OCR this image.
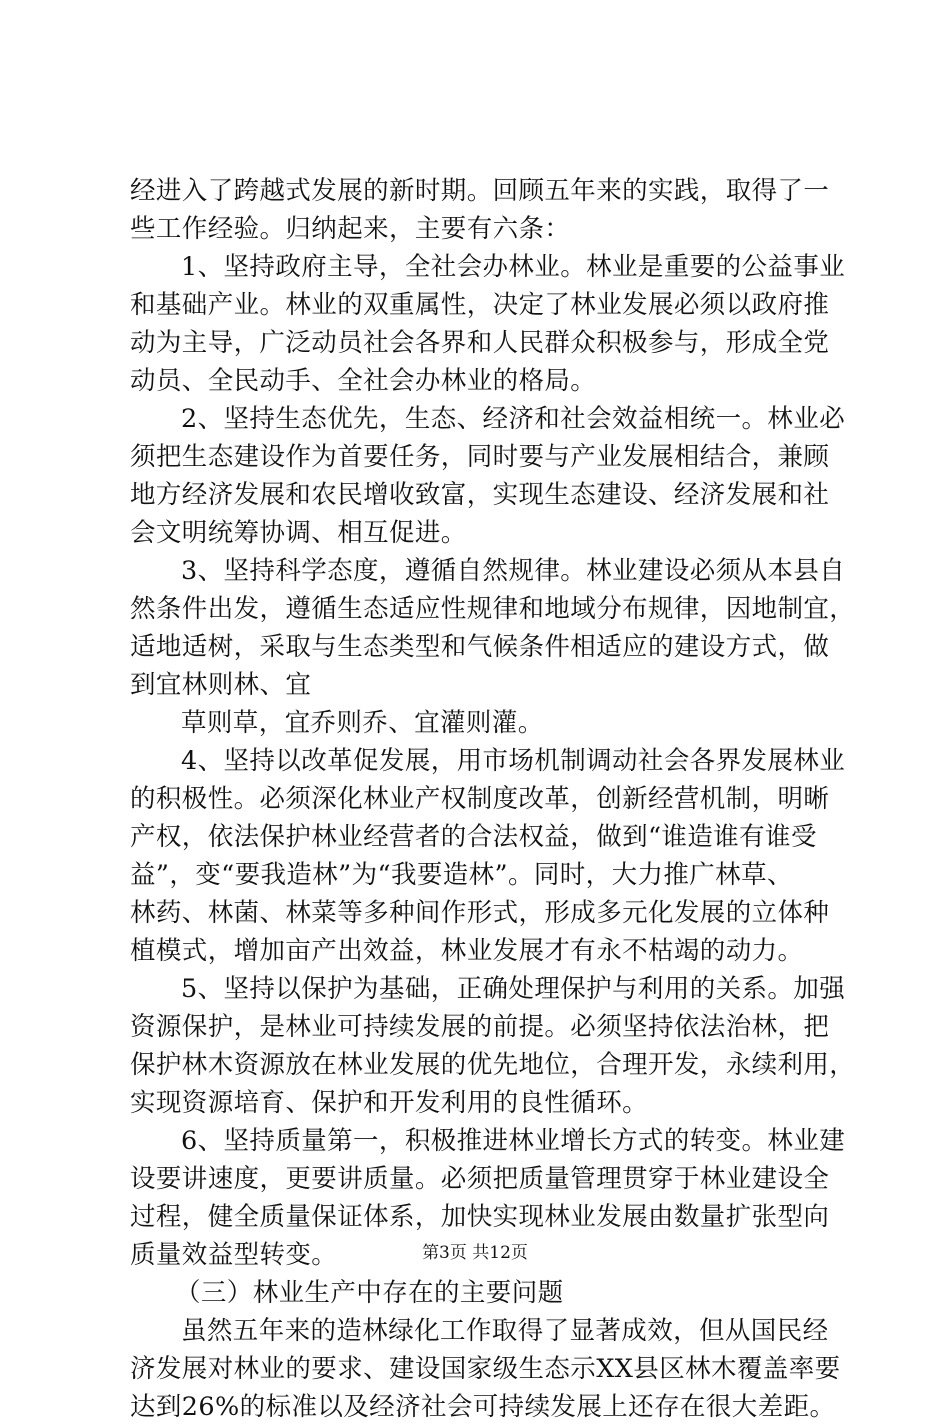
经进入了跨越式发展的新时期。回顾五年来的实践，取得了一
些工作经验。归纳起来，主要有六条：
1、坚持政府主导，全社会办林业。林业是重要的公益事业
和基础产业。林业的双重属性，决定了林业发展必须以政府推
动为主导，广泛动员社会各界和人民群众积极参与，形成全党
动员、全民动手、全社会办林业的格局。
2、坚持生态优先，生态、经济和社会效益相统一。林业必
须把生态建设作为首要任务，同时要与产业发展相结合，兼顾
地方经济发展和农民增收致富，实现生态建设、经济发展和社
会文明统筹协调、相互促进。
3、坚持科学态度，遵循自然规律。林业建设必须从本县自
然条件出发，遵循生态适应性规律和地域分布规律，因地制宜，
适地适树，采取与生态类型和气候条件相适应的建设方式，做
到宜林则林、宜
草则草，宜乔则乔、宜灌则灌。
4、坚持以改革促发展，用市场机制调动社会各界发展林业
的积极性。必须深化林业产权制度改革，创新经营机制，明晰
产权，依法保护林业经营者的合法权益，做到“谁造谁有谁受
益”，变“要我造林”为“我要造林”。同时，大力推广林草、
林药、林菌、林菜等多种间作形式，形成多元化发展的立体种
植模式，增加亩产出效益，林业发展才有永不枯竭的动力。
5、坚持以保护为基础，正确处理保护与利用的关系。加强
资源保护，是林业可持续发展的前提。必须坚持依法治林，把
保护林木资源放在林业发展的优先地位，合理开发，永续利用，
实现资源培育、保护和开发利用的良性循环。
6、坚持质量第一，积极推进林业增长方式的转变。林业建
设要讲速度，更要讲质量。必须把质量管理贯穿于林业建设全
过程，健全质量保证体系，加快实现林业发展由数量扩张型向
质量效益型转变。
（三）林业生产中存在的主要问题
虽然五年来的造林绿化工作取得了显著成效，但从国民经
济发展对林业的要求、建设国家级生态示XX县区林木覆盖率要
达到26%的标准以及经济社会可持续发展上还存在很大差距。
第3页 共12页
